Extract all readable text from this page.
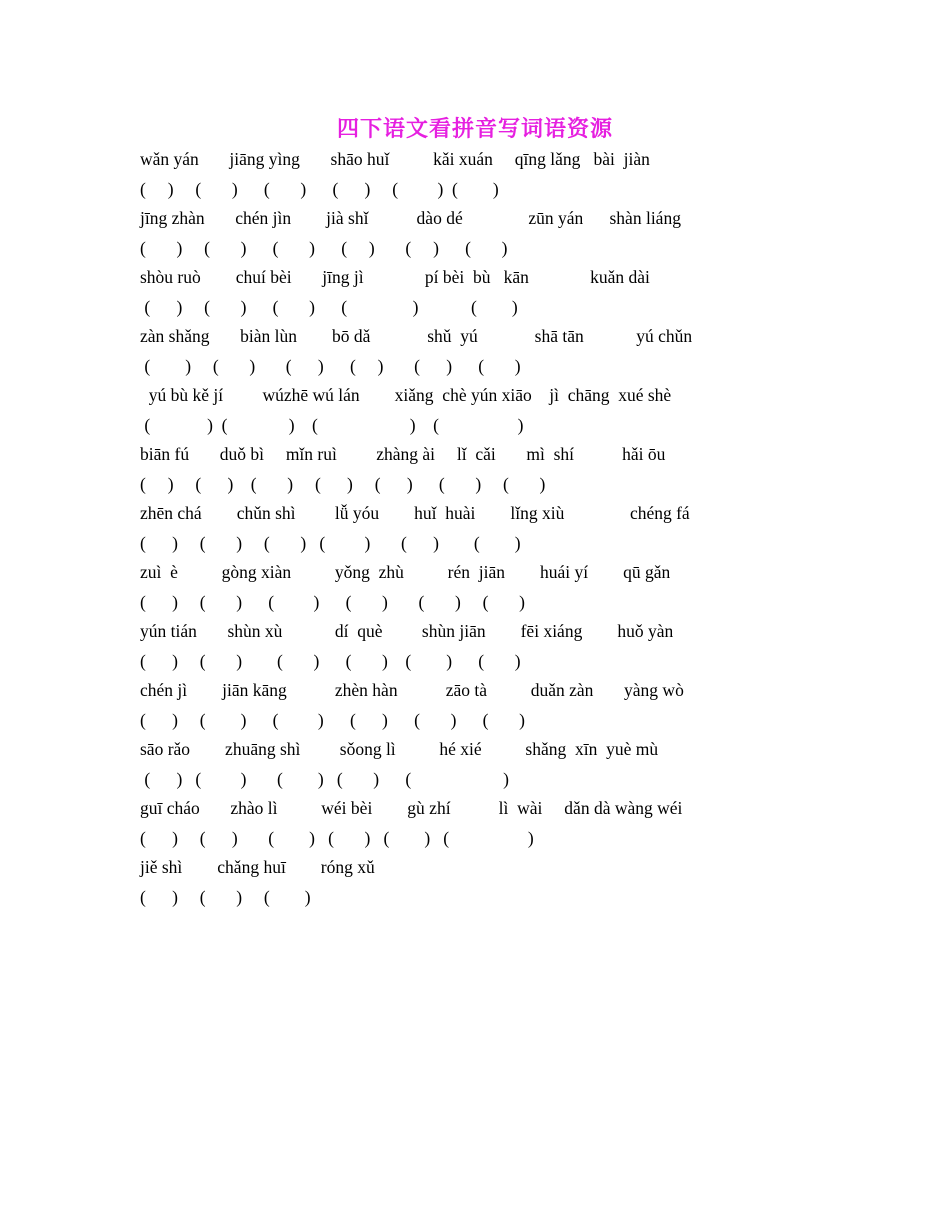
四下语文看拼音写词语资源
wǎn yán       jiāng yìng       shāo huǐ          kǎi xuán     qīng lǎng   bài  jiàn
(     )     (       )      (       )      (      )     (         )  (        )
jīng zhàn       chén jìn        jià shǐ           dào dé               zūn yán      shàn liáng
(       )     (       )      (       )      (     )       (     )      (       )
shòu ruò        chuí bèi       jīng jì              pí bèi  bù   kān              kuǎn dài
(      )     (       )      (       )      (               )            (        )
zàn shǎng       biàn lùn        bō dǎ             shǔ  yú             shā tān            yú chǔn
(        )     (       )       (      )      (     )       (      )      (       )
yú bù kě jí         wúzhē wú lán        xiǎng  chè yún xiāo    jì  chāng  xué shè
(             )  (              )    (                     )    (                  )
biān fú       duǒ bì     mǐn ruì         zhàng ài     lǐ  cǎi       mì  shí           hǎi ōu
(     )     (      )    (       )     (      )     (      )      (       )     (       )
zhēn chá        chǔn shì         lǚ yóu        huǐ  huài        lǐng xiù               chéng fá
(      )     (       )     (       )   (         )       (      )        (        )
zuì  è          gòng xiàn          yǒng  zhù          rén  jiān        huái yí        qū gǎn
(      )     (       )      (         )      (       )       (       )     (       )
yún tián       shùn xù            dí  què         shùn jiān        fēi xiáng        huǒ yàn
(      )     (       )        (       )      (       )    (        )      (       )
chén jì        jiān kāng           zhèn hàn           zāo tà          duǎn zàn       yàng wò
(      )     (        )      (         )      (      )      (       )      (       )
sāo rǎo        zhuāng shì         sǒong lì          hé xié          shǎng  xīn  yuè mù
(      )   (         )       (        )   (       )      (                     )
guī cháo       zhào lì          wéi bèi        gù zhí           lì  wài     dǎn dà wàng wéi
(      )     (      )       (        )   (       )   (        )   (                  )
jiě shì        chǎng huī        róng xǔ
(      )     (       )     (        )
